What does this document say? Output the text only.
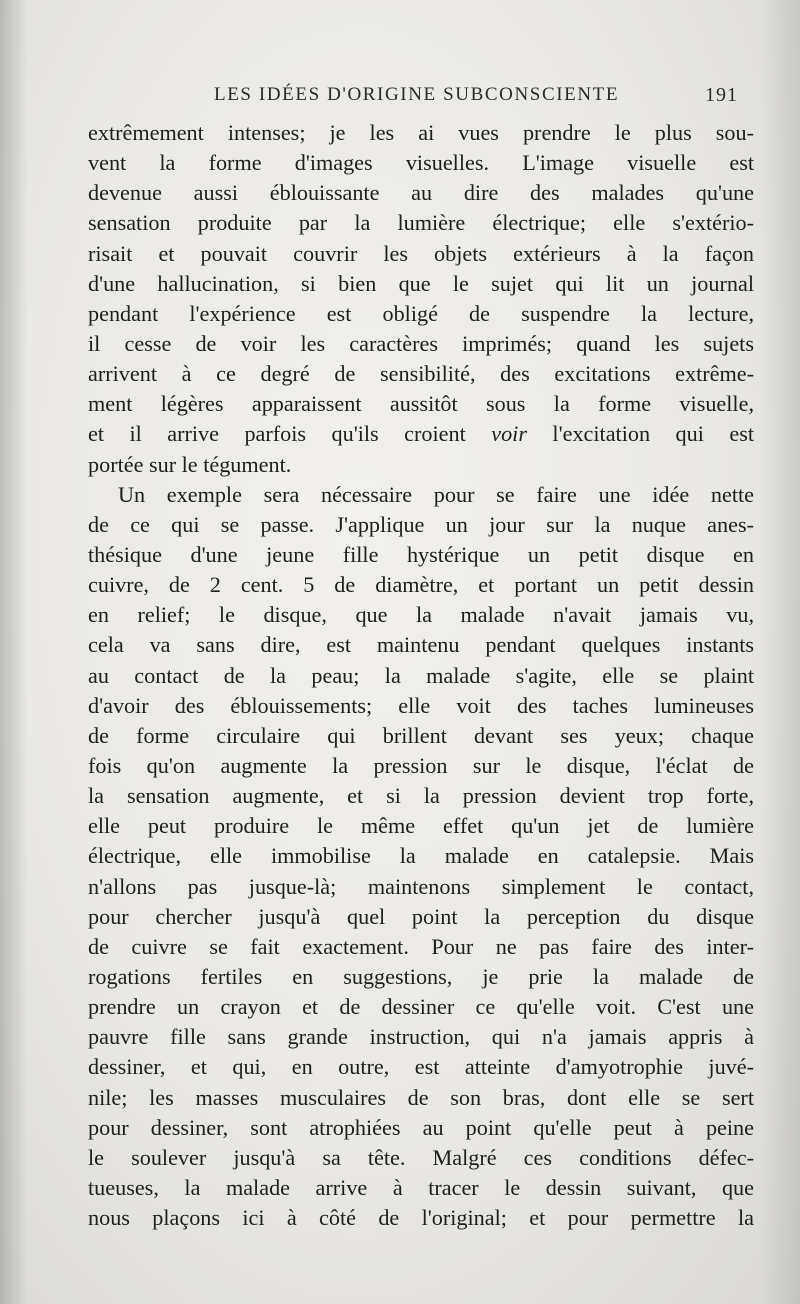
LES IDÉES D'ORIGINE SUBCONSCIENTE	191
extrêmement intenses; je les ai vues prendre le plus sou-
vent la forme d'images visuelles. L'image visuelle est
devenue aussi éblouissante au dire des malades qu'une
sensation produite par la lumière électrique; elle s'extério-
risait et pouvait couvrir les objets extérieurs à la façon
d'une hallucination, si bien que le sujet qui lit un journal
pendant l'expérience est obligé de suspendre la lecture,
il cesse de voir les caractères imprimés; quand les sujets
arrivent à ce degré de sensibilité, des excitations extrême-
ment légères apparaissent aussitôt sous la forme visuelle,
et il arrive parfois qu'ils croient voir l'excitation qui est
portée sur le tégument.
Un exemple sera nécessaire pour se faire une idée nette
de ce qui se passe. J'applique un jour sur la nuque anes-
thésique d'une jeune fille hystérique un petit disque en
cuivre, de 2 cent. 5 de diamètre, et portant un petit dessin
en relief; le disque, que la malade n'avait jamais vu,
cela va sans dire, est maintenu pendant quelques instants
au contact de la peau; la malade s'agite, elle se plaint
d'avoir des éblouissements; elle voit des taches lumineuses
de forme circulaire qui brillent devant ses yeux; chaque
fois qu'on augmente la pression sur le disque, l'éclat de
la sensation augmente, et si la pression devient trop forte,
elle peut produire le même effet qu'un jet de lumière
électrique, elle immobilise la malade en catalepsie. Mais
n'allons pas jusque-là; maintenons simplement le contact,
pour chercher jusqu'à quel point la perception du disque
de cuivre se fait exactement. Pour ne pas faire des inter-
rogations fertiles en suggestions, je prie la malade de
prendre un crayon et de dessiner ce qu'elle voit. C'est une
pauvre fille sans grande instruction, qui n'a jamais appris à
dessiner, et qui, en outre, est atteinte d'amyotrophie juvé-
nile; les masses musculaires de son bras, dont elle se sert
pour dessiner, sont atrophiées au point qu'elle peut à peine
le soulever jusqu'à sa tête. Malgré ces conditions défec-
tueuses, la malade arrive à tracer le dessin suivant, que
nous plaçons ici à côté de l'original; et pour permettre la
